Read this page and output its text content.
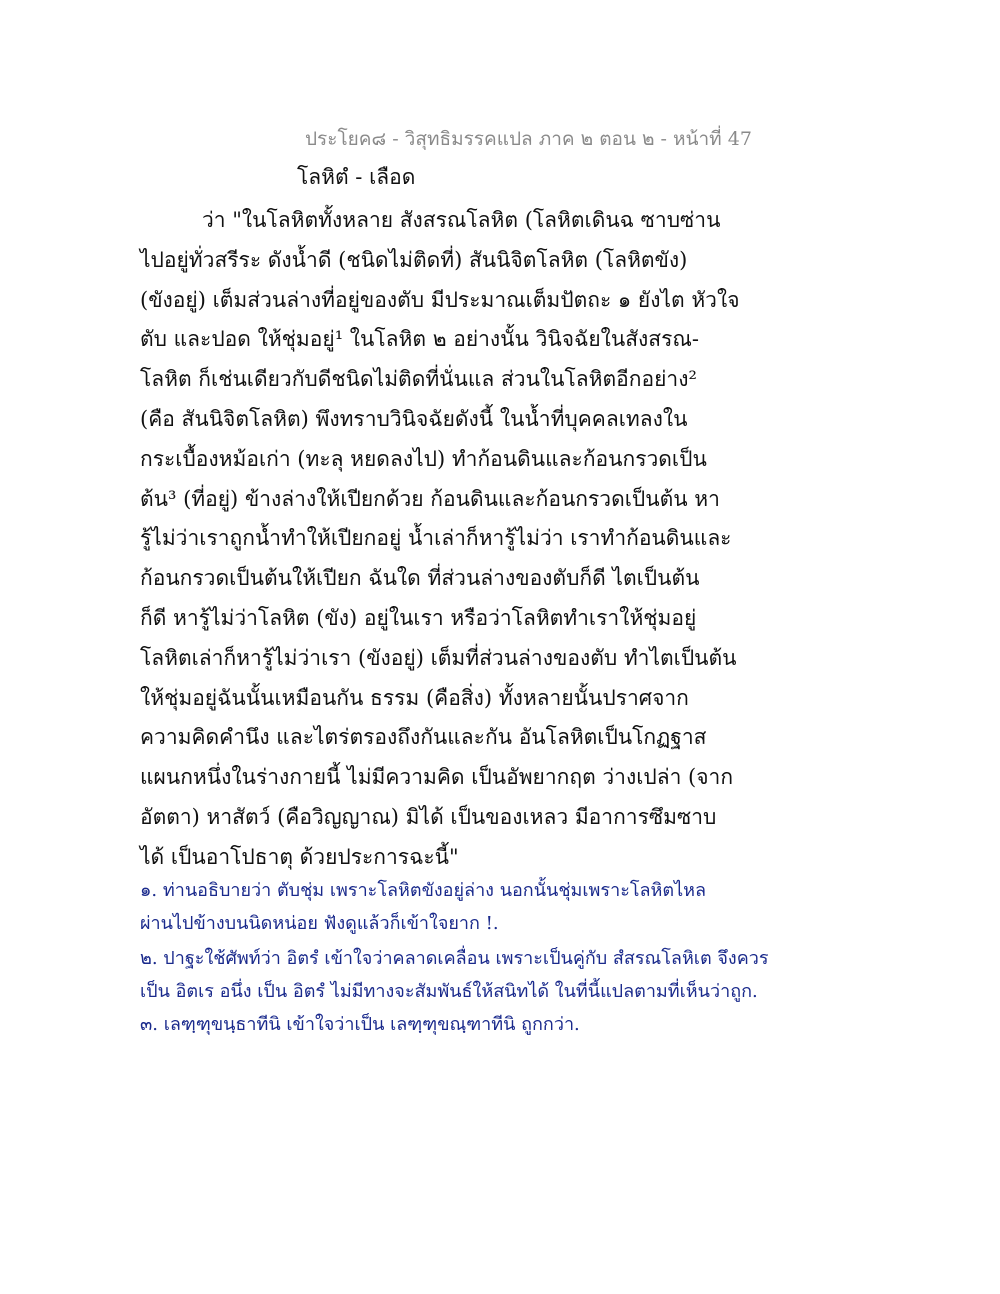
ประโยค๘ - วิสุทธิมรรคแปล ภาค ๒ ตอน ๒ - หน้าที่ 47
โลหิตํ - เลือด
ว่า "ในโลหิตทั้งหลาย สังสรณโลหิต (โลหิตเดินฉ ซาบซ่าน
ไปอยู่ทั่วสรีระ ดังน้ำดี (ชนิดไม่ติดที่) สันนิจิตโลหิต (โลหิตขัง)
(ขังอยู่) เต็มส่วนล่างที่อยู่ของตับ มีประมาณเต็มปัตถะ ๑ ยังไต หัวใจ
ตับ และปอด ให้ชุ่มอยู่¹ ในโลหิต ๒ อย่างนั้น วินิจฉัยในสังสรณ-
โลหิต ก็เช่นเดียวกับดีชนิดไม่ติดที่นั่นแล ส่วนในโลหิตอีกอย่าง²
(คือ สันนิจิตโลหิต) พึงทราบวินิจฉัยดังนี้ ในน้ำที่บุคคลเทลงใน
กระเบื้องหม้อเก่า (ทะลุ หยดลงไป) ทำก้อนดินและก้อนกรวดเป็น
ต้น³ (ที่อยู่) ข้างล่างให้เปียกด้วย ก้อนดินและก้อนกรวดเป็นต้น หา
รู้ไม่ว่าเราถูกน้ำทำให้เปียกอยู่ น้ำเล่าก็หารู้ไม่ว่า เราทำก้อนดินและ
ก้อนกรวดเป็นต้นให้เปียก ฉันใด ที่ส่วนล่างของตับก็ดี ไตเป็นต้น
ก็ดี หารู้ไม่ว่าโลหิต (ขัง) อยู่ในเรา หรือว่าโลหิตทำเราให้ชุ่มอยู่
โลหิตเล่าก็หารู้ไม่ว่าเรา (ขังอยู่) เต็มที่ส่วนล่างของตับ ทำไตเป็นต้น
ให้ชุ่มอยู่ฉันนั้นเหมือนกัน ธรรม (คือสิ่ง) ทั้งหลายนั้นปราศจาก
ความคิดคำนึง และไตร่ตรองถึงกันและกัน อันโลหิตเป็นโกฏฐาส
แผนกหนึ่งในร่างกายนี้ ไม่มีความคิด เป็นอัพยากฤต ว่างเปล่า (จาก
อัตตา) หาสัตว์ (คือวิญญาณ) มิได้ เป็นของเหลว มีอาการซึมซาบ
ได้ เป็นอาโปธาตุ ด้วยประการฉะนี้"
๑. ท่านอธิบายว่า ตับชุ่ม เพราะโลหิตขังอยู่ล่าง นอกนั้นชุ่มเพราะโลหิตไหล
ผ่านไปข้างบนนิดหน่อย ฟังดูแล้วก็เข้าใจยาก !.
๒. ปาฐะใช้ศัพท์ว่า อิตรํ เข้าใจว่าคลาดเคลื่อน เพราะเป็นคู่กับ สํสรณโลหิเต จึงควร
เป็น อิตเร อนึ่ง เป็น อิตรํ ไม่มีทางจะสัมพันธ์ให้สนิทได้ ในที่นี้แปลตามที่เห็นว่าถูก.
๓. เลฑฺฑุขนฺธาทีนิ เข้าใจว่าเป็น เลฑฺฑุขณฺฑาทีนิ ถูกกว่า.
